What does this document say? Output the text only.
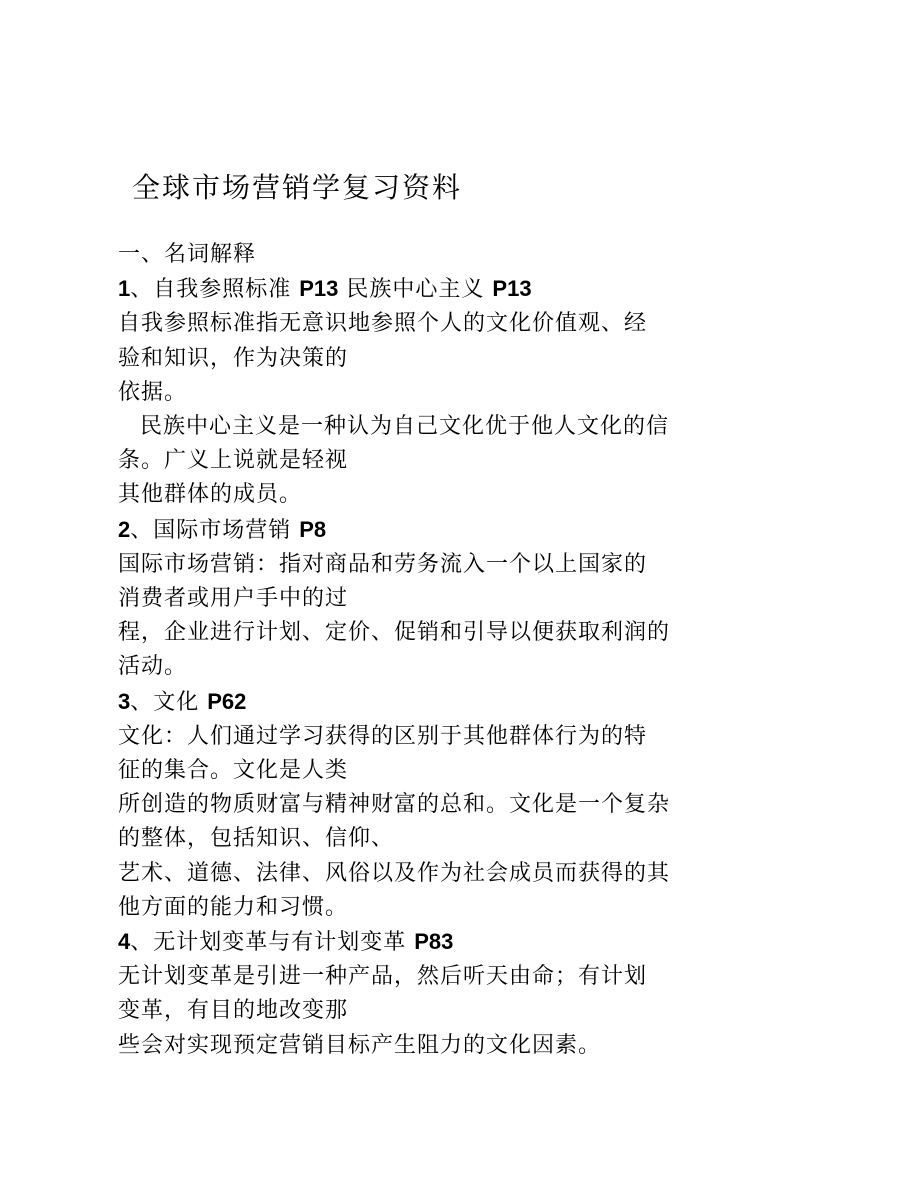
全球市场营销学复习资料
一、名词解释
1、自我参照标准 P13 民族中心主义 P13
自我参照标准指无意识地参照个人的文化价值观、经
验和知识，作为决策的
依据。
民族中心主义是一种认为自己文化优于他人文化的信
条。广义上说就是轻视
其他群体的成员。
2、国际市场营销 P8
国际市场营销：指对商品和劳务流入一个以上国家的
消费者或用户手中的过
程，企业进行计划、定价、促销和引导以便获取利润的
活动。
3、文化 P62
文化：人们通过学习获得的区别于其他群体行为的特
征的集合。文化是人类
所创造的物质财富与精神财富的总和。文化是一个复杂
的整体，包括知识、信仰、
艺术、道德、法律、风俗以及作为社会成员而获得的其
他方面的能力和习惯。
4、无计划变革与有计划变革 P83
无计划变革是引进一种产品，然后听天由命；有计划
变革，有目的地改变那
些会对实现预定营销目标产生阻力的文化因素。
